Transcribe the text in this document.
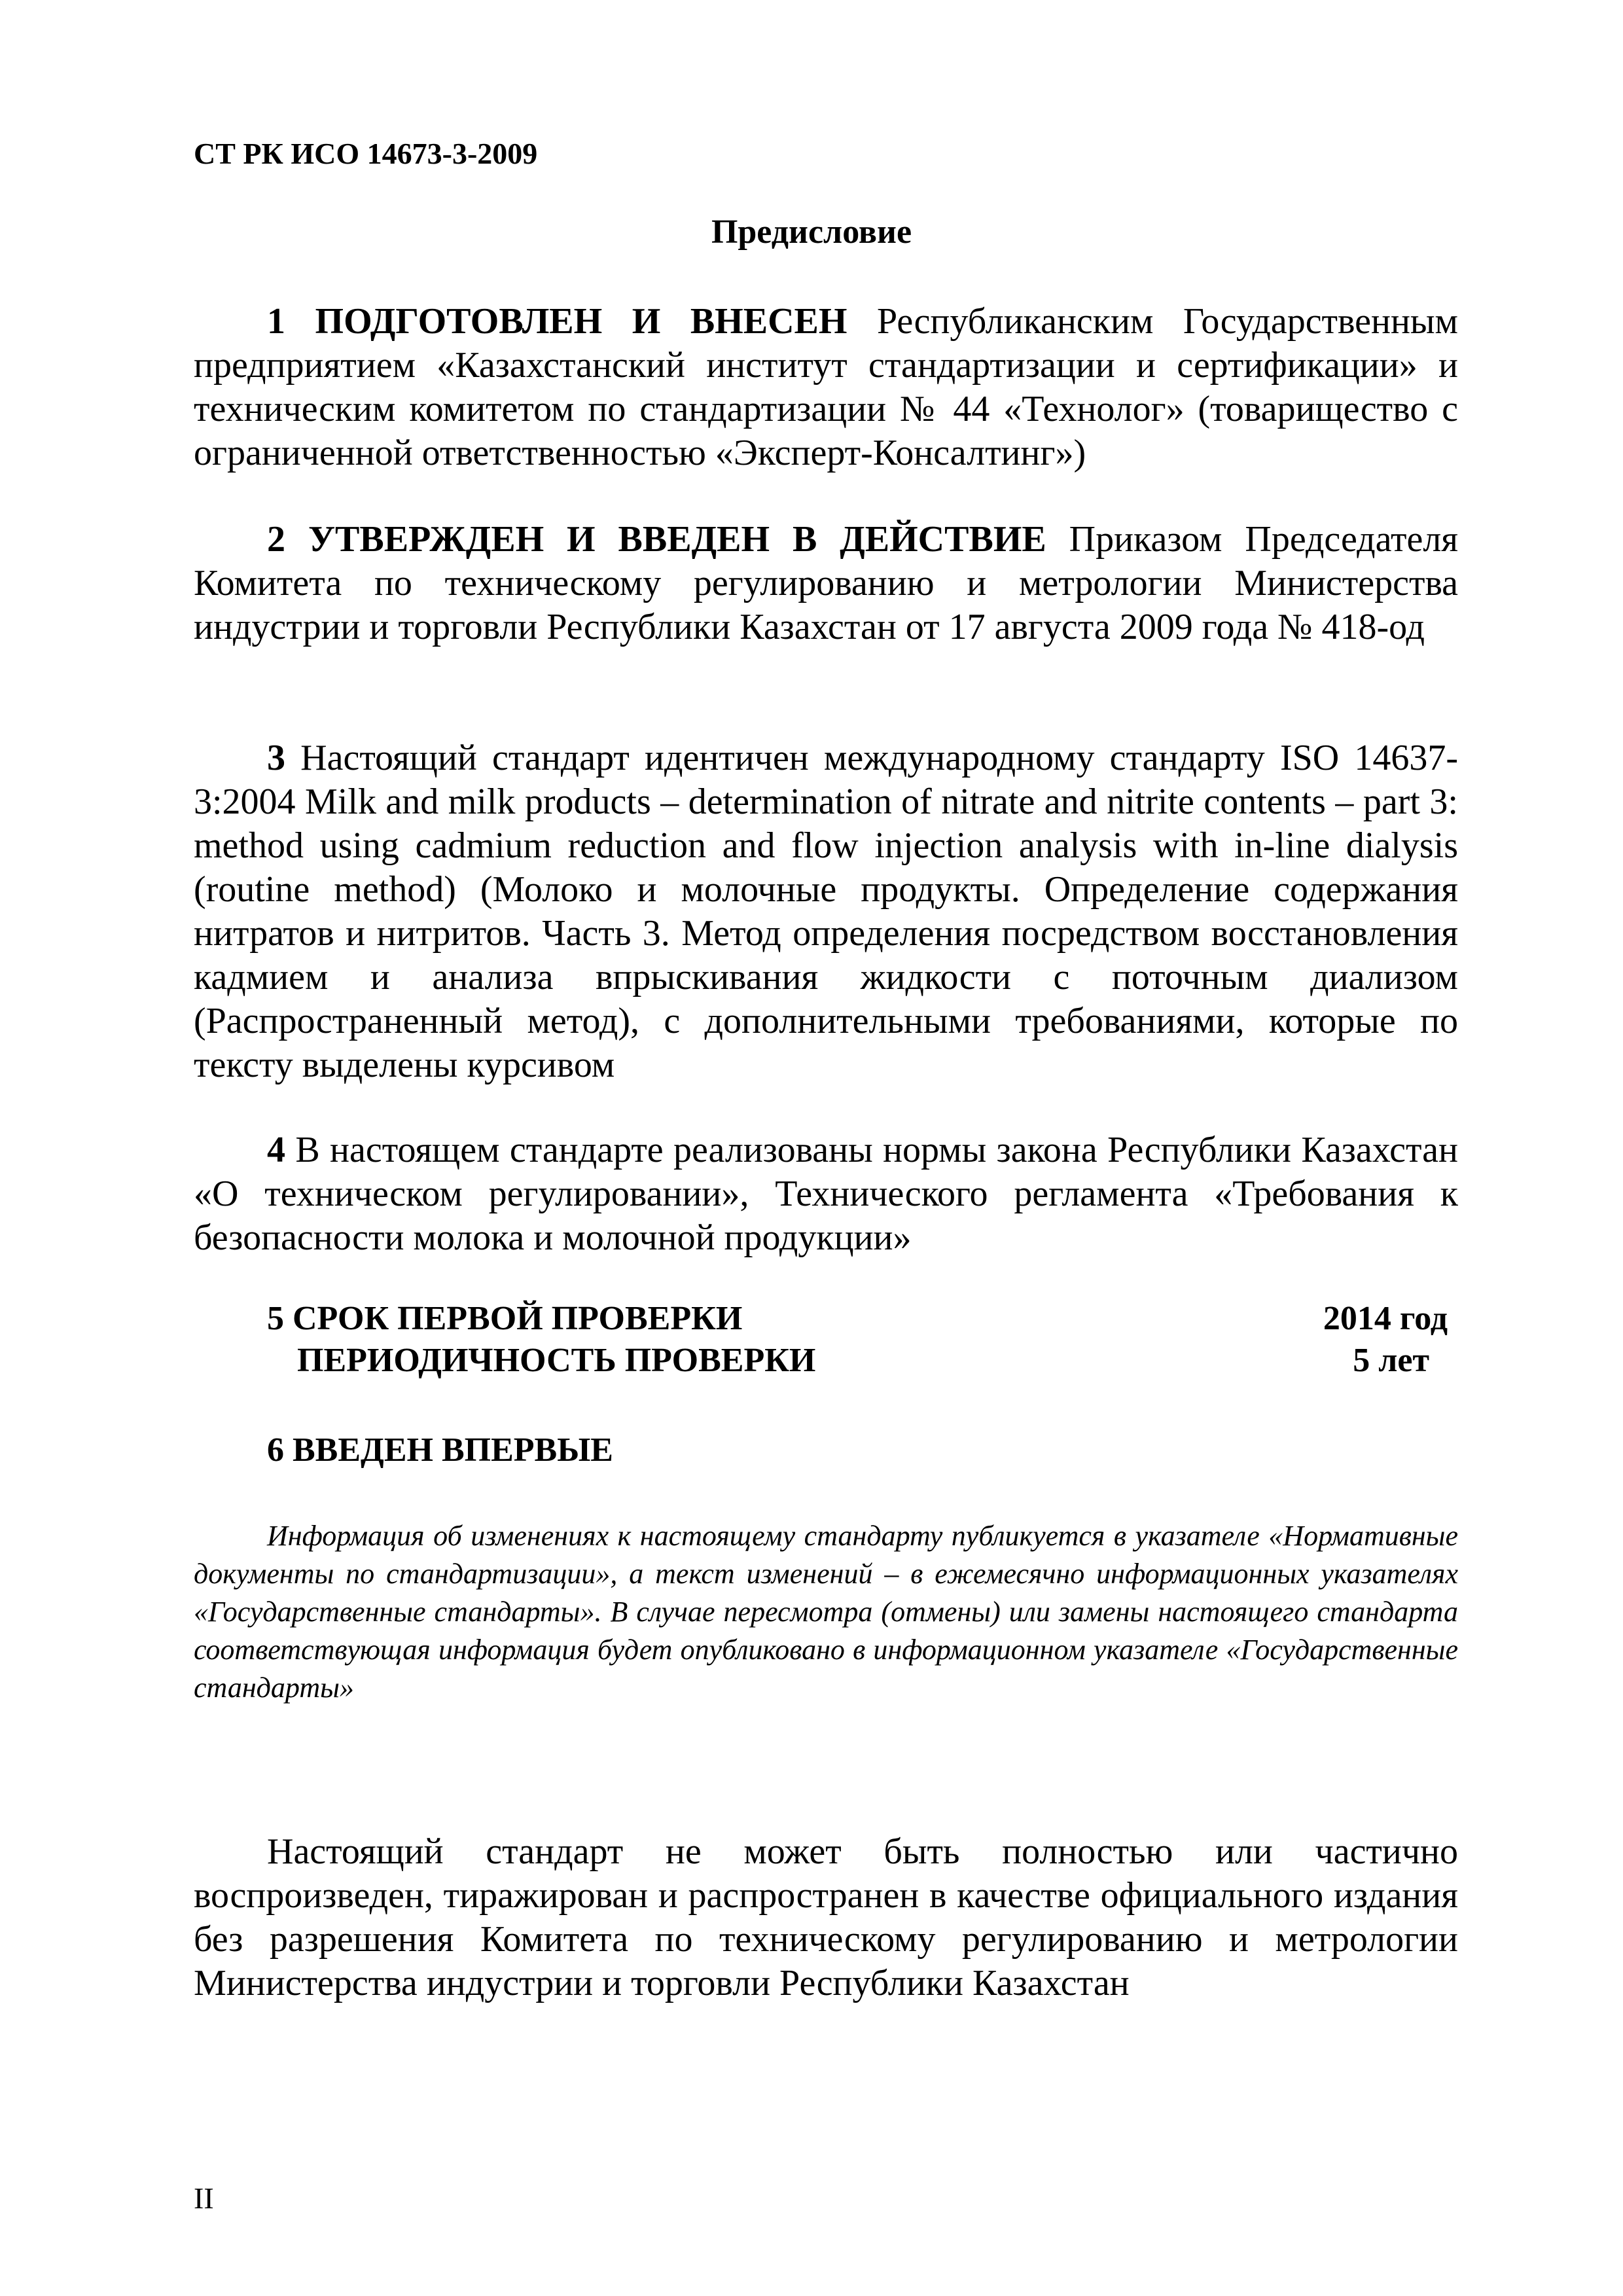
СТ РК ИСО 14673-3-2009

Предисловие

1 ПОДГОТОВЛЕН И ВНЕСЕН Республиканским Государственным предприятием «Казахстанский институт стандартизации и сертификации» и техническим комитетом по стандартизации № 44 «Технолог» (товарищество с ограниченной ответственностью «Эксперт-Консалтинг»)

2 УТВЕРЖДЕН И ВВЕДЕН В ДЕЙСТВИЕ Приказом Председателя Комитета по техническому регулированию и метрологии Министерства индустрии и торговли Республики Казахстан от 17 августа 2009 года № 418-од

3 Настоящий стандарт идентичен международному стандарту ISO 14637-3:2004 Milk and milk products – determination of nitrate and nitrite contents – part 3: method using cadmium reduction and flow injection analysis with in-line dialysis (routine method) (Молоко и молочные продукты. Определение содержания нитратов и нитритов. Часть 3. Метод определения посредством восстановления кадмием и анализа впрыскивания жидкости с поточным диализом (Распространенный метод), с дополнительными требованиями, которые по тексту выделены курсивом

4 В настоящем стандарте реализованы нормы закона Республики Казахстан «О техническом регулировании», Технического регламента «Требования к безопасности молока и молочной продукции»

5 СРОК ПЕРВОЙ ПРОВЕРКИ	2014 год
ПЕРИОДИЧНОСТЬ ПРОВЕРКИ	5 лет

6 ВВЕДЕН ВПЕРВЫЕ

Информация об изменениях к настоящему стандарту публикуется в указателе «Нормативные документы по стандартизации», а текст изменений – в ежемесячно информационных указателях «Государственные стандарты». В случае пересмотра (отмены) или замены настоящего стандарта соответствующая информация будет опубликовано в информационном указателе «Государственные стандарты»

Настоящий стандарт не может быть полностью или частично воспроизведен, тиражирован и распространен в качестве официального издания без разрешения Комитета по техническому регулированию и метрологии Министерства индустрии и торговли Республики Казахстан

II
